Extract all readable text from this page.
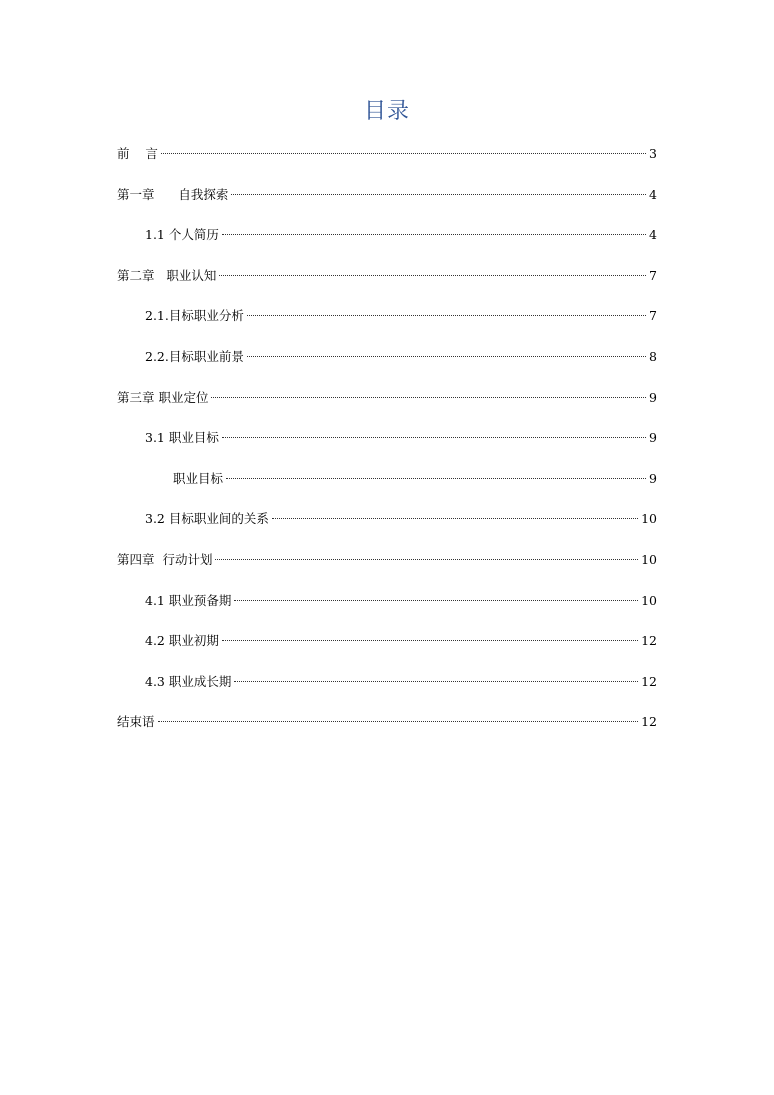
目录
前    言	3
第一章      自我探索	4
1.1 个人简历	4
第二章   职业认知	7
2.1.目标职业分析	7
2.2.目标职业前景	8
第三章 职业定位	9
3.1 职业目标	9
职业目标	9
3.2 目标职业间的关系	10
第四章  行动计划	10
4.1 职业预备期	10
4.2 职业初期	12
4.3 职业成长期	12
结束语	12
